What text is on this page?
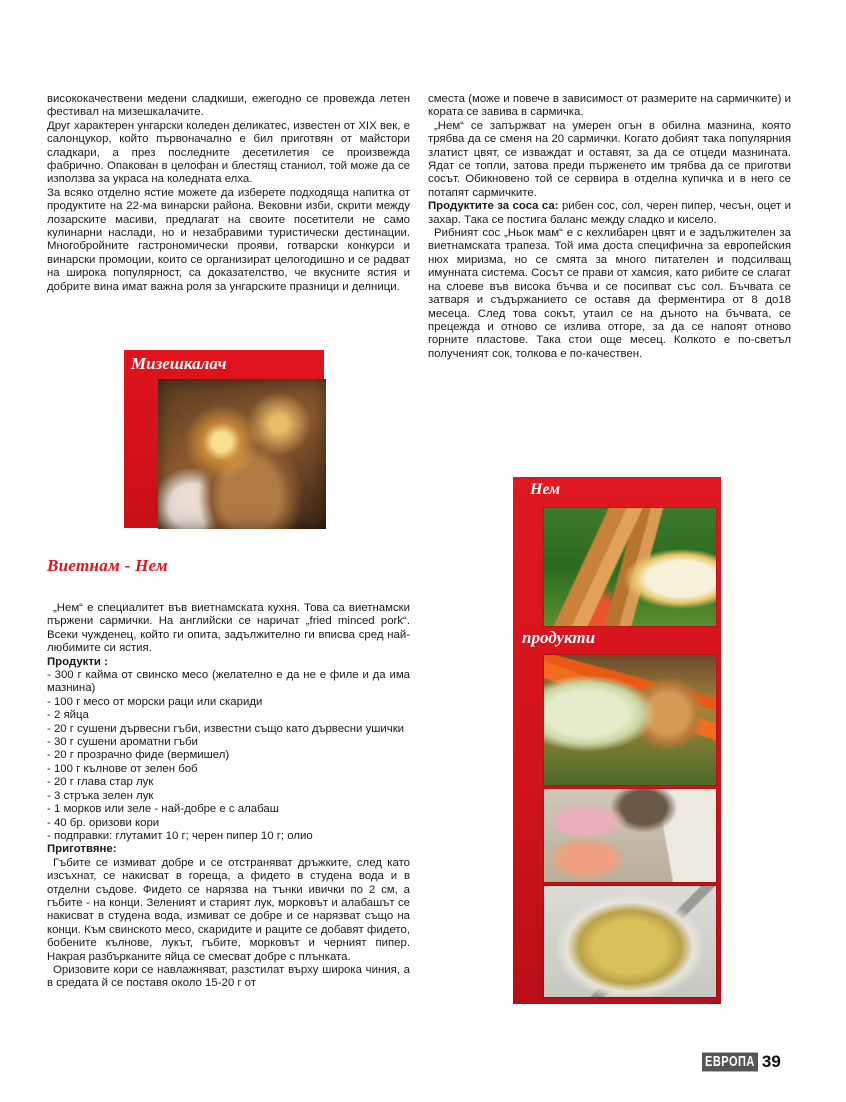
висококачествени медени сладкиши, ежегодно се провежда летен фестивал на мизешкалачите.

Друг характерен унгарски коледен деликатес, известен от XIX век, е салонцукор, който първоначално е бил приготвян от майстори сладкари, а през последните десетилетия се произвежда фабрично. Опакован в целофан и блестящ станиол, той може да се използва за украса на коледната елха.

За всяко отделно ястие можете да изберете подходяща напитка от продуктите на 22-ма винарски района. Вековни изби, скрити между лозарските масиви, предлагат на своите посетители не само кулинарни наслади, но и незабравими туристически дестинации. Многобройните гастрономически прояви, готварски конкурси и винарски промоции, които се организират целогодишно и се радват на широка популярност, са доказателство, че вкусните ястия и добрите вина имат важна роля за унгарските празници и делници.

Мизешкалач
Виетнам - Нем

„Нем“ е специалитет във виетнамската кухня. Това са виетнамски пържени сармички. На английски се наричат „fried minced pork“. Всеки чужденец, който ги опита, задължително ги вписва сред най-любимите си ястия.

Продукти :

- 300 г кайма от свинско месо (желателно е да не е филе и да има мазнина)

- 100 г месо от морски раци или скариди

- 2 яйца

- 20 г сушени дървесни гъби, известни също като дървесни ушички

- 30 г сушени ароматни гъби

- 20 г прозрачно фиде (вермишел)

- 100 г кълнове от зелен боб

- 20 г глава стар лук

- 3 стръка зелен лук

- 1 морков или зеле - най-добре е с алабаш

- 40 бр. оризови кори

- подправки: глутамит 10 г; черен пипер 10 г; олио

Приготвяне:

Гъбите се измиват добре и се отстраняват дръжките, след като изсъхнат, се накисват в гореща, а фидето в студена вода и в отделни съдове. Фидето се нарязва на тънки ивички по 2 см, а гъбите - на конци. Зеленият и старият лук, морковът и алабашът се накисват в студена вода, измиват се добре и се нарязват също на конци. Към свинското месо, скаридите и раците се добавят фидето, бобените кълнове, лукът, гъбите, морковът и черният пипер. Накрая разбърканите яйца се смесват добре с плънката.

Оризовите кори се навлажняват, разстилат върху широка чиния, а в средата й се поставя около 15-20 г от

сместа (може и повече в зависимост от размерите на сармичките) и кората се завива в сармичка.

„Нем“ се запържват на умерен огън в обилна мазнина, която трябва да се сменя на 20 сармички. Когато добият така популярния златист цвят, се изваждат и оставят, за да се отцеди мазнината. Ядат се топли, затова преди пърженето им трябва да се приготви сосът. Обикновено той се сервира в отделна купичка и в него се потапят сармичките.

Продуктите за соса са: рибен сос, сол, черен пипер, чесън, оцет и захар. Така се постига баланс между сладко и кисело.

Рибният сос „Ньок мам“ е с кехлибарен цвят и е задължителен за виетнамската трапеза. Той има доста специфична за европейския нюх миризма, но се смята за много питателен и подсилващ имунната система. Сосът се прави от хамсия, като рибите се слагат на слоеве във висока бъчва и се посипват със сол. Бъчвата се затваря и съдържанието се оставя да ферментира от 8 до18 месеца. След това сокът, утаил се на дъното на бъчвата, се прецежда и отново се излива отгоре, за да се напоят отново горните пластове. Така стои още месец. Колкото е по-светъл полученият сок, толкова е по-качествен.

Нем
продукти
ЕВРОПА 39
